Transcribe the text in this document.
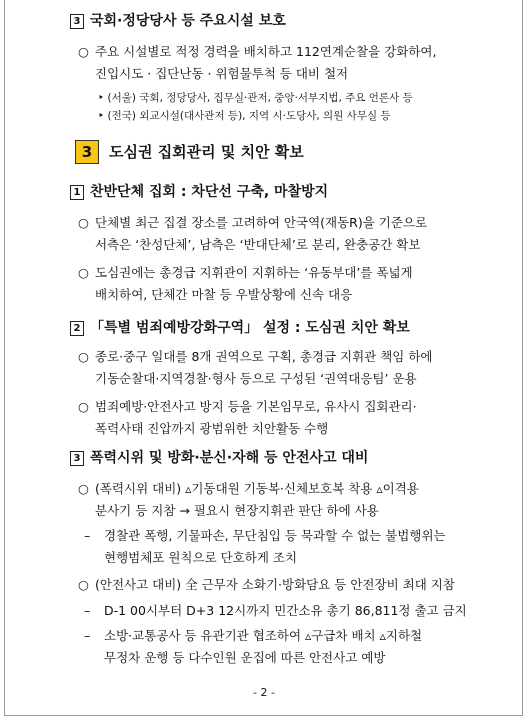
3 국회·정당당사 등 주요시설 보호
○ 주요 시설별로 적정 경력을 배치하고 112연계순찰을 강화하여,
진입시도 · 집단난동 · 위험물투척 등 대비 철저
‣ (서울) 국회, 정당당사, 집무실·관저, 중앙·서부지법, 주요 언론사 등
‣ (전국) 외교시설(대사관저 등), 지역 시·도당사, 의원 사무실 등
3 도심권 집회관리 및 치안 확보
1 찬반단체 집회 : 차단선 구축, 마찰방지
○ 단체별 최근 집결 장소를 고려하여 안국역(재동R)을 기준으로
서측은 ‘찬성단체’, 남측은 ‘반대단체’로 분리, 완충공간 확보
○ 도심권에는 총경급 지휘관이 지휘하는 ‘유동부대’를 폭넓게
배치하여, 단체간 마찰 등 우발상황에 신속 대응
2 「특별 범죄예방강화구역」 설정 : 도심권 치안 확보
○ 종로·중구 일대를 8개 권역으로 구획, 총경급 지휘관 책임 하에
기동순찰대·지역경찰·형사 등으로 구성된 ‘권역대응팀’ 운용
○ 범죄예방·안전사고 방지 등을 기본임무로, 유사시 집회관리·
폭력사태 진압까지 광범위한 치안활동 수행
3 폭력시위 및 방화·분신·자해 등 안전사고 대비
○ (폭력시위 대비) ▵기동대원 기동복·신체보호복 착용 ▵이격용
분사기 등 지참 → 필요시 현장지휘관 판단 하에 사용
– 경찰관 폭행, 기물파손, 무단침입 등 묵과할 수 없는 불법행위는
현행범체포 원칙으로 단호하게 조치
○ (안전사고 대비) 全 근무자 소화기·방화담요 등 안전장비 최대 지참
– D-1 00시부터 D+3 12시까지 민간소유 총기 86,811정 출고 금지
– 소방·교통공사 등 유관기관 협조하여 ▵구급차 배치 ▵지하철
무정차 운행 등 다수인원 운집에 따른 안전사고 예방
- 2 -
